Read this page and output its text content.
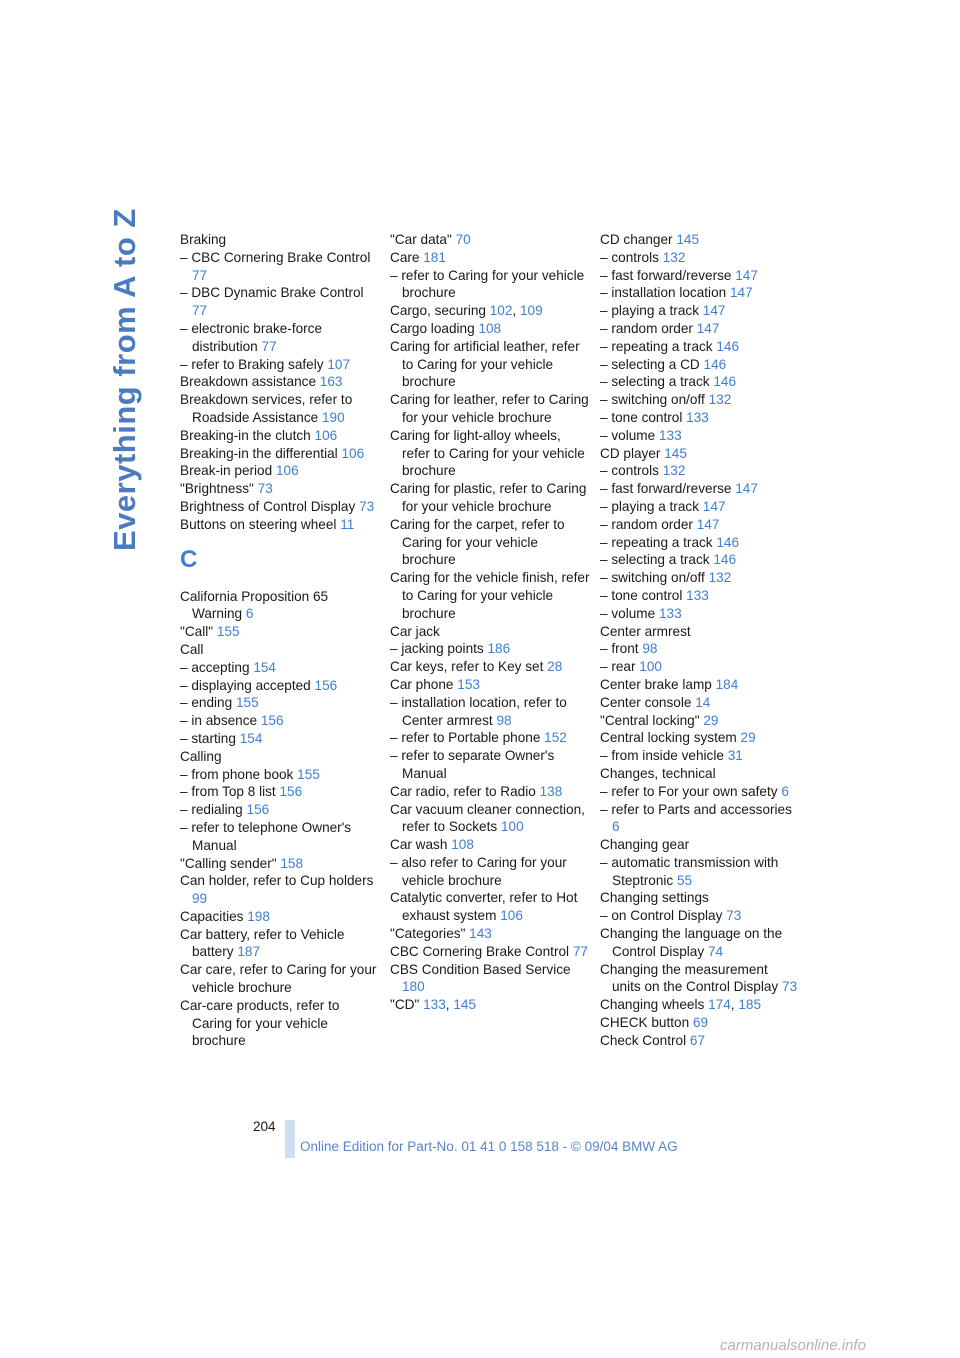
Everything from A to Z	Braking
– CBC Cornering Brake Control 77
– DBC Dynamic Brake Control 77
– electronic brake-force distribution 77
– refer to Braking safely 107
Breakdown assistance 163
Breakdown services, refer to Roadside Assistance 190
Breaking-in the clutch 106
Breaking-in the differential 106
Break-in period 106
"Brightness" 73
Brightness of Control Display 73
Buttons on steering wheel 11
C
California Proposition 65 Warning 6
"Call" 155
Call
– accepting 154
– displaying accepted 156
– ending 155
– in absence 156
– starting 154
Calling
– from phone book 155
– from Top 8 list 156
– redialing 156
– refer to telephone Owner's Manual
"Calling sender" 158
Can holder, refer to Cup holders 99
Capacities 198
Car battery, refer to Vehicle battery 187
Car care, refer to Caring for your vehicle brochure
Car-care products, refer to Caring for your vehicle brochure
"Car data" 70
Care 181
– refer to Caring for your vehicle brochure
Cargo, securing 102, 109
Cargo loading 108
Caring for artificial leather, refer to Caring for your vehicle brochure
Caring for leather, refer to Caring for your vehicle brochure
Caring for light-alloy wheels, refer to Caring for your vehicle brochure
Caring for plastic, refer to Caring for your vehicle brochure
Caring for the carpet, refer to Caring for your vehicle brochure
Caring for the vehicle finish, refer to Caring for your vehicle brochure
Car jack
– jacking points 186
Car keys, refer to Key set 28
Car phone 153
– installation location, refer to Center armrest 98
– refer to Portable phone 152
– refer to separate Owner's Manual
Car radio, refer to Radio 138
Car vacuum cleaner connection, refer to Sockets 100
Car wash 108
– also refer to Caring for your vehicle brochure
Catalytic converter, refer to Hot exhaust system 106
"Categories" 143
CBC Cornering Brake Control 77
CBS Condition Based Service 180
"CD" 133, 145
CD changer 145
– controls 132
– fast forward/reverse 147
– installation location 147
– playing a track 147
– random order 147
– repeating a track 146
– selecting a CD 146
– selecting a track 146
– switching on/off 132
– tone control 133
– volume 133
CD player 145
– controls 132
– fast forward/reverse 147
– playing a track 147
– random order 147
– repeating a track 146
– selecting a track 146
– switching on/off 132
– tone control 133
– volume 133
Center armrest
– front 98
– rear 100
Center brake lamp 184
Center console 14
"Central locking" 29
Central locking system 29
– from inside vehicle 31
Changes, technical
– refer to For your own safety 6
– refer to Parts and accessories 6
Changing gear
– automatic transmission with Steptronic 55
Changing settings
– on Control Display 73
Changing the language on the Control Display 74
Changing the measurement units on the Control Display 73
Changing wheels 174, 185
CHECK button 69
Check Control 67
204
Online Edition for Part-No. 01 41 0 158 518 - © 09/04 BMW AG
carmanualsonline.info
